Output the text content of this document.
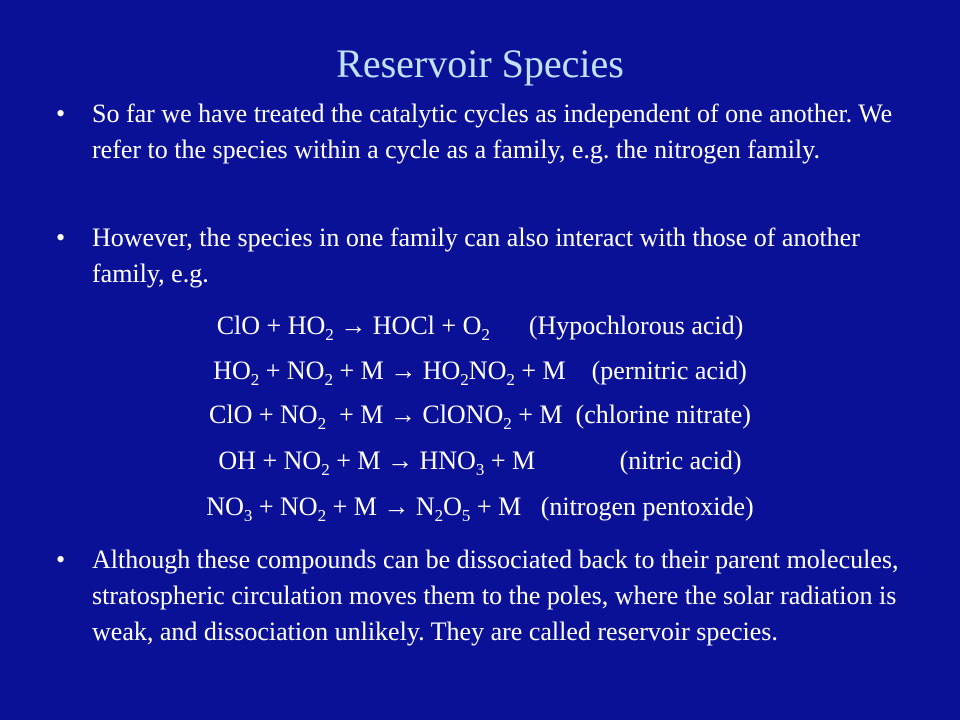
Reservoir Species
• So far we have treated the catalytic cycles as independent of one another. We refer to the species within a cycle as a family, e.g. the nitrogen family.
• However, the species in one family can also interact with those of another family, e.g.
ClO + $HO_2$ → HOCl + $O_2$      (Hypochlorous acid)
$HO_2 + NO_2 + M \to HO_2NO_2 + M$    (pernitric acid)
ClO + $NO_2 + M$ → ClONO$_2$ + M  (chlorine nitrate)
OH + $NO_2 + M \to HNO_3 + M$             (nitric acid)
$NO_3 + NO_2 + M \to N_2O_5 + M$   (nitrogen pentoxide)
• Although these compounds can be dissociated back to their parent molecules, stratospheric circulation moves them to the poles, where the solar radiation is weak, and dissociation unlikely. They are called reservoir species.
